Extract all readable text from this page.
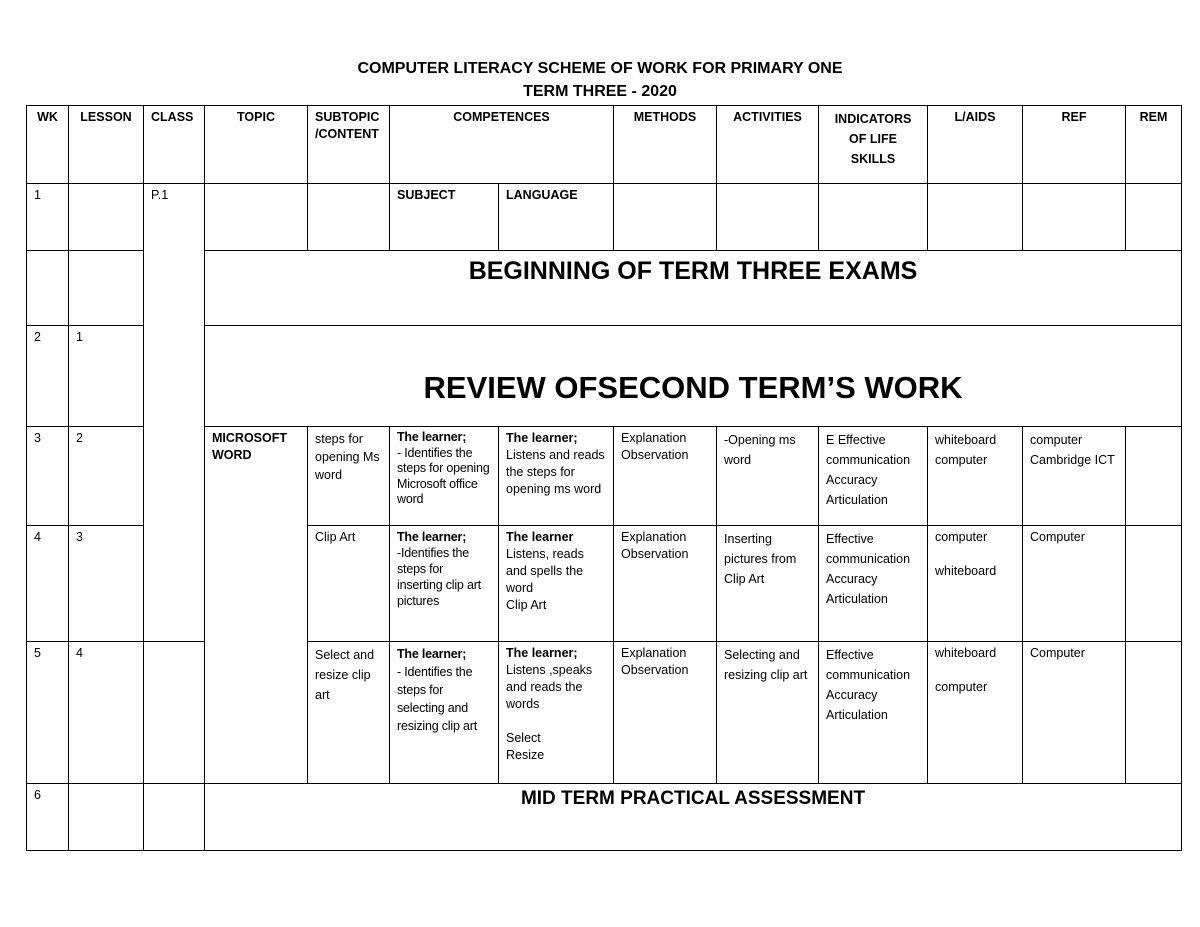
COMPUTER LITERACY SCHEME OF WORK FOR PRIMARY ONE
TERM THREE - 2020
WK	LESSON	CLASS	TOPIC	SUBTOPIC /CONTENT	COMPETENCES		METHODS	ACTIVITIES	INDICATORS OF LIFE SKILLS	L/AIDS	REF	REM
1		P.1			SUBJECT	LANGUAGE						
			BEGINNING OF TERM THREE EXAMS									
2	1		REVIEW OFSECOND TERM’S WORK									
3	2		MICROSOFT WORD	steps for opening Ms word	The learner;
- Identifies the steps for opening Microsoft office word	The learner;
Listens and reads the steps for opening ms word	Explanation
Observation	-Opening ms word	E Effective communication
Accuracy
Articulation	whiteboard
computer	computer
Cambridge ICT	
4	3			Clip Art	The learner;
-Identifies the steps for inserting clip art pictures	The learner
Listens, reads and spells the word
Clip Art	Explanation
Observation	Inserting pictures from Clip Art	Effective communication
Accuracy
Articulation	computer
whiteboard	Computer	
5	4			Select and resize clip art	The learner;
- Identifies the steps for selecting and resizing clip art	The learner;
Listens ,speaks and reads the words
Select
Resize	Explanation
Observation	Selecting and resizing clip art	Effective communication
Accuracy
Articulation	whiteboard
computer	Computer	
6			MID TERM PRACTICAL ASSESSMENT									
